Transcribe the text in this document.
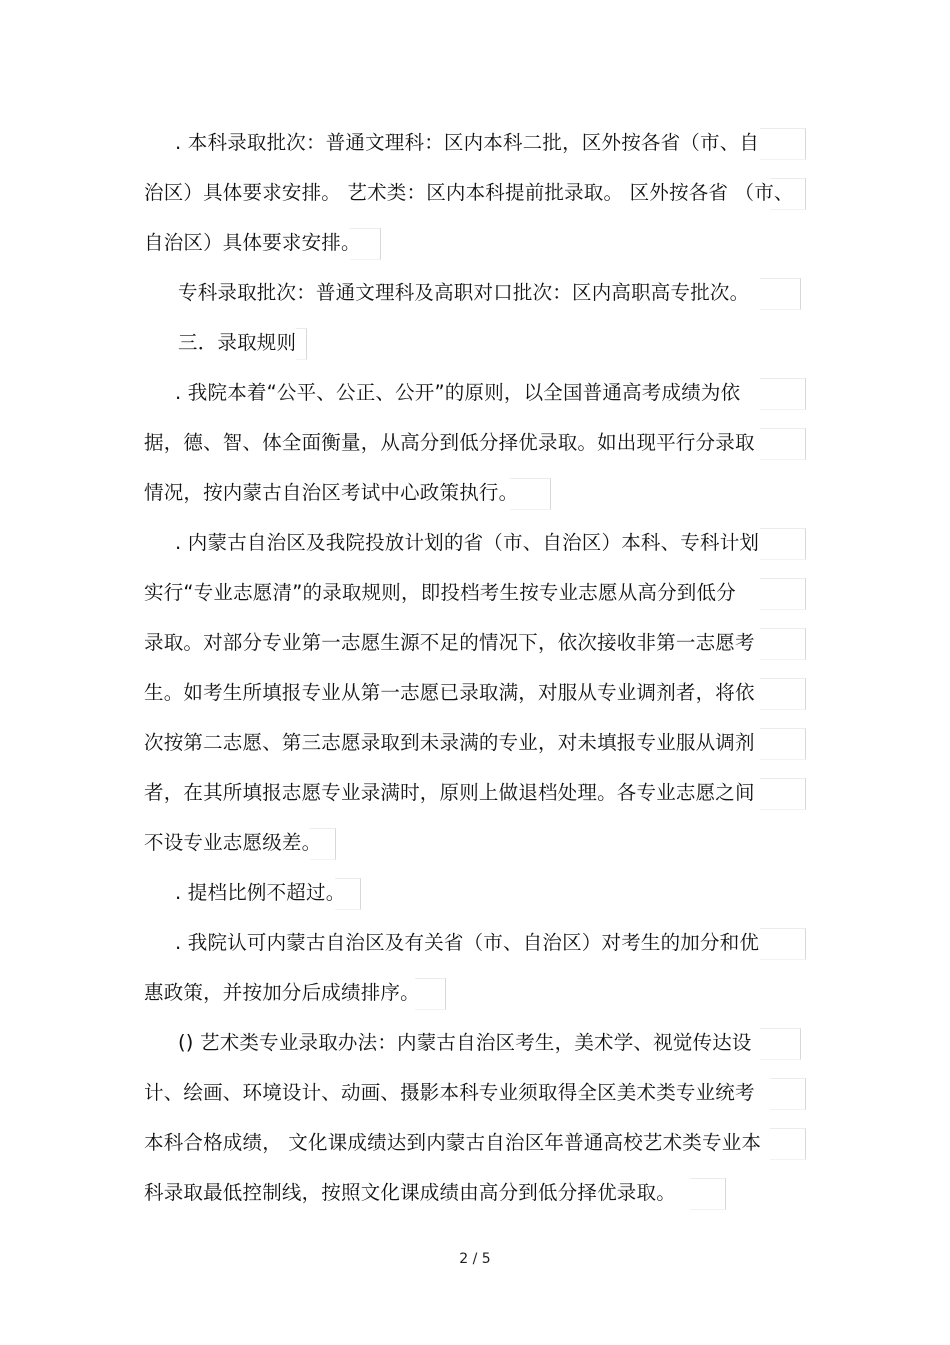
. 本科录取批次：普通文理科：区内本科二批，区外按各省（市、自
治区）具体要求安排。 艺术类：区内本科提前批录取。 区外按各省 （市、
自治区）具体要求安排。
专科录取批次：普通文理科及高职对口批次：区内高职高专批次。
三．录取规则
. 我院本着“公平、公正、公开”的原则，以全国普通高考成绩为依
据，德、智、体全面衡量，从高分到低分择优录取。如出现平行分录取
情况，按内蒙古自治区考试中心政策执行。
. 内蒙古自治区及我院投放计划的省（市、自治区）本科、专科计划
实行“专业志愿清”的录取规则，即投档考生按专业志愿从高分到低分
录取。对部分专业第一志愿生源不足的情况下，依次接收非第一志愿考
生。如考生所填报专业从第一志愿已录取满，对服从专业调剂者，将依
次按第二志愿、第三志愿录取到未录满的专业，对未填报专业服从调剂
者，在其所填报志愿专业录满时，原则上做退档处理。各专业志愿之间
不设专业志愿级差。
. 提档比例不超过。
. 我院认可内蒙古自治区及有关省（市、自治区）对考生的加分和优
惠政策，并按加分后成绩排序。
() 艺术类专业录取办法：内蒙古自治区考生，美术学、视觉传达设
计、绘画、环境设计、动画、摄影本科专业须取得全区美术类专业统考
本科合格成绩， 文化课成绩达到内蒙古自治区年普通高校艺术类专业本
科录取最低控制线，按照文化课成绩由高分到低分择优录取。
2 / 5
